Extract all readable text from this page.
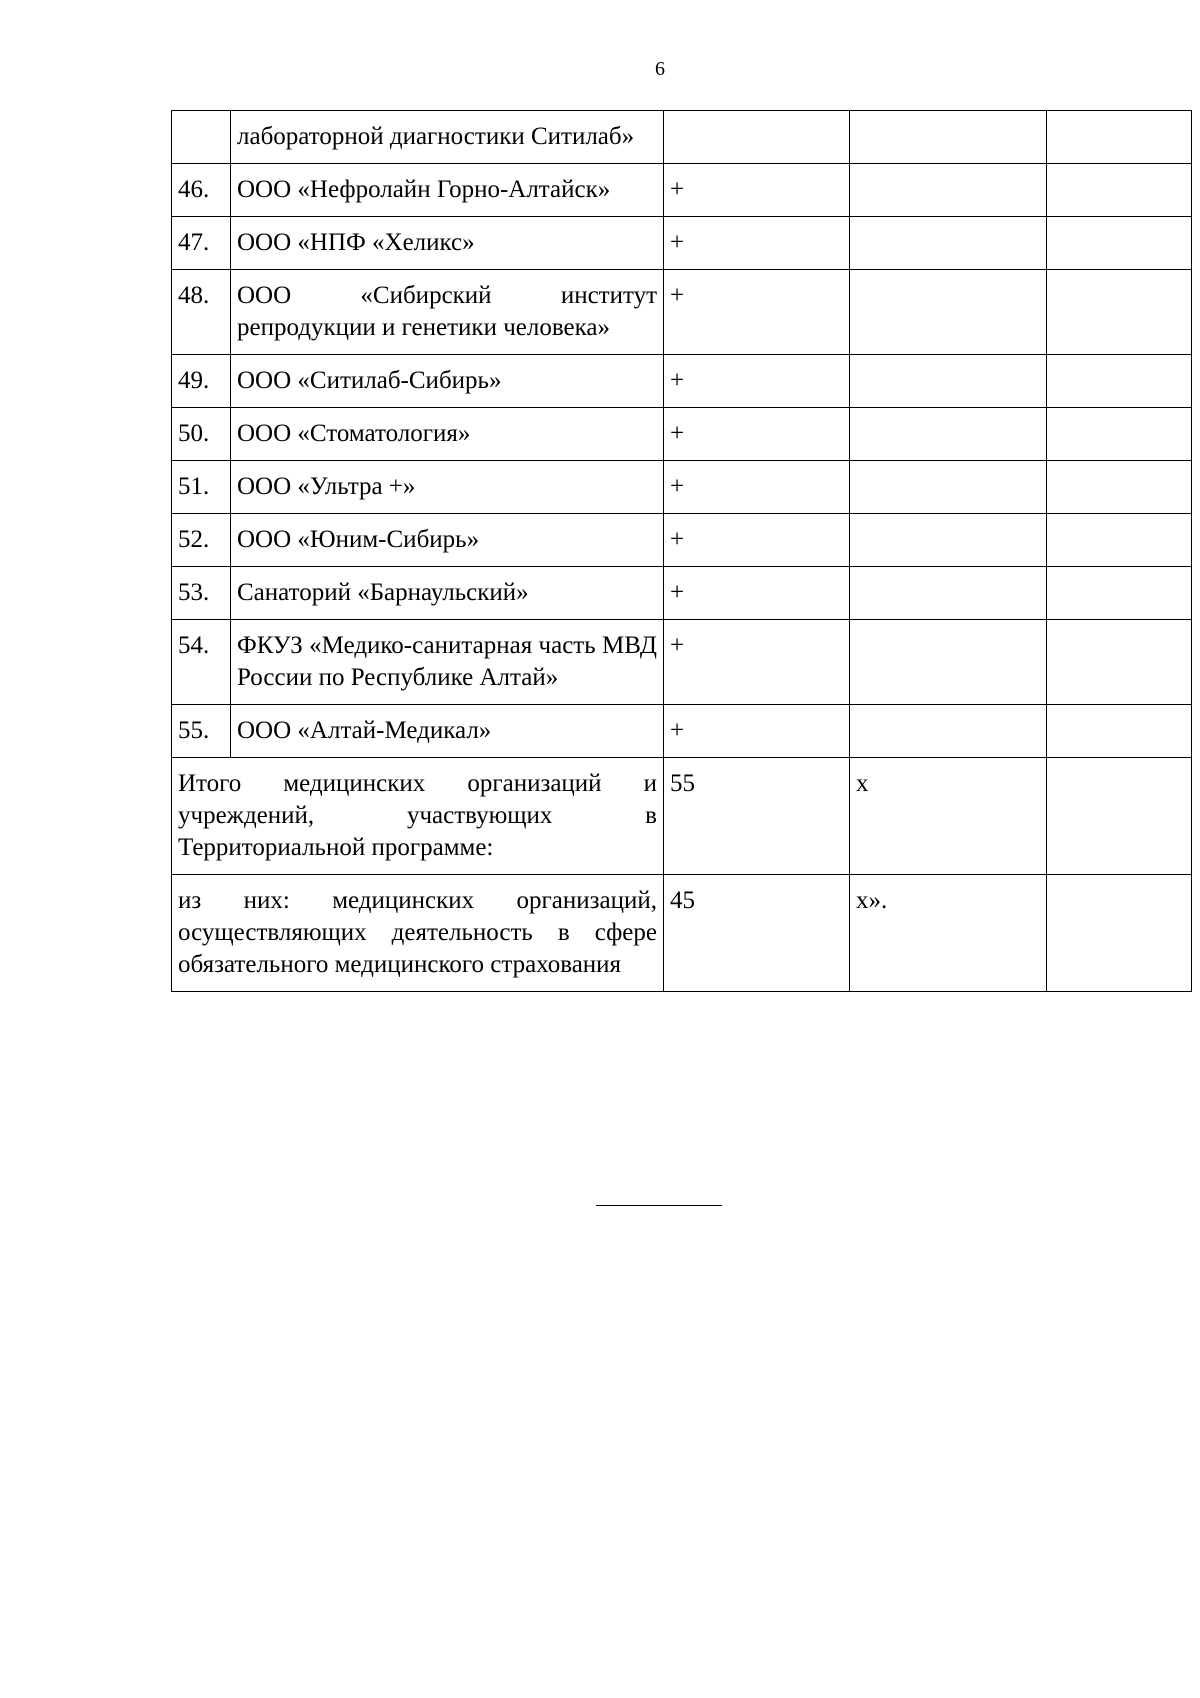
6
	лабораторной диагностики Ситилаб»			
46.	ООО «Нефролайн Горно-Алтайск»	+		
47.	ООО «НПФ «Хеликс»	+		
48.	ООО «Сибирский институт репродукции и генетики человека»	+		
49.	ООО «Ситилаб-Сибирь»	+		
50.	ООО «Стоматология»	+		
51.	ООО «Ультра +»	+		
52.	ООО «Юним-Сибирь»	+		
53.	Санаторий «Барнаульский»	+		
54.	ФКУЗ «Медико-санитарная часть МВД России по Республике Алтай»	+		
55.	ООО «Алтай-Медикал»	+		
Итого медицинских организаций и учреждений, участвующих в Территориальной программе:		55	х	
из них: медицинских организаций, осуществляющих деятельность в сфере обязательного медицинского страхования		45	х».	
